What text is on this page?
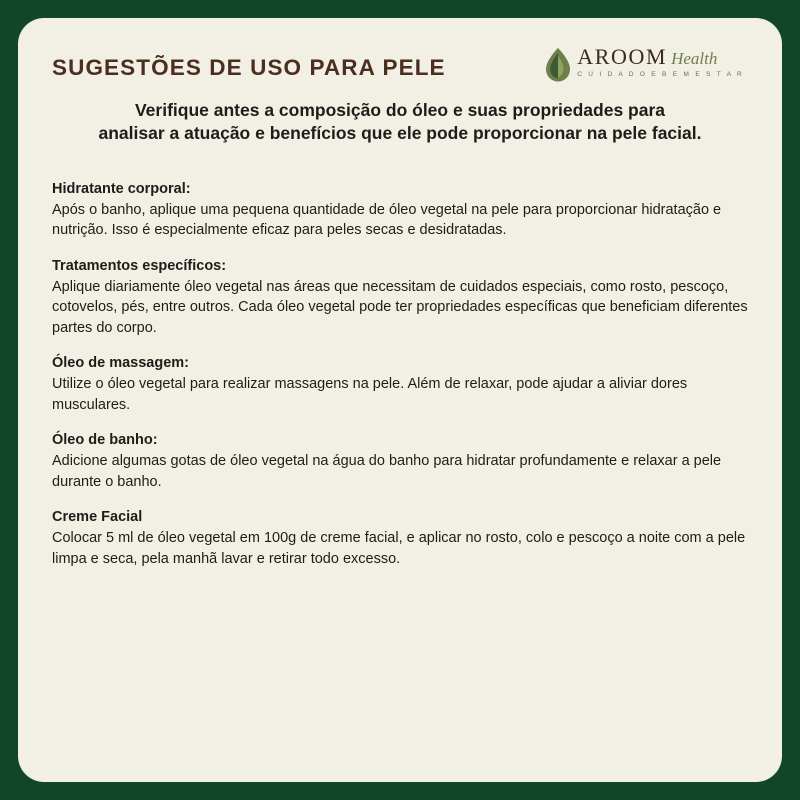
SUGESTÕES DE USO PARA PELE	AROOM Health
C U I D A D O E B E M E S T A R

Verifique antes a composição do óleo e suas propriedades para
analisar a atuação e benefícios que ele pode proporcionar na pele facial.

Hidratante corporal:

Após o banho, aplique uma pequena quantidade de óleo vegetal na pele para proporcionar hidratação e nutrição. Isso é especialmente eficaz para peles secas e desidratadas.

Tratamentos específicos:

Aplique diariamente óleo vegetal nas áreas que necessitam de cuidados especiais, como rosto, pescoço, cotovelos, pés, entre outros. Cada óleo vegetal pode ter propriedades específicas que beneficiam diferentes partes do corpo.

Óleo de massagem:

Utilize o óleo vegetal para realizar massagens na pele. Além de relaxar, pode ajudar a aliviar dores musculares.

Óleo de banho:

Adicione algumas gotas de óleo vegetal na água do banho para hidratar profundamente e relaxar a pele durante o banho.

Creme Facial

Colocar 5 ml de óleo vegetal em 100g de creme facial, e aplicar no rosto, colo e pescoço a noite com a pele limpa e seca, pela manhã lavar e retirar todo excesso.
